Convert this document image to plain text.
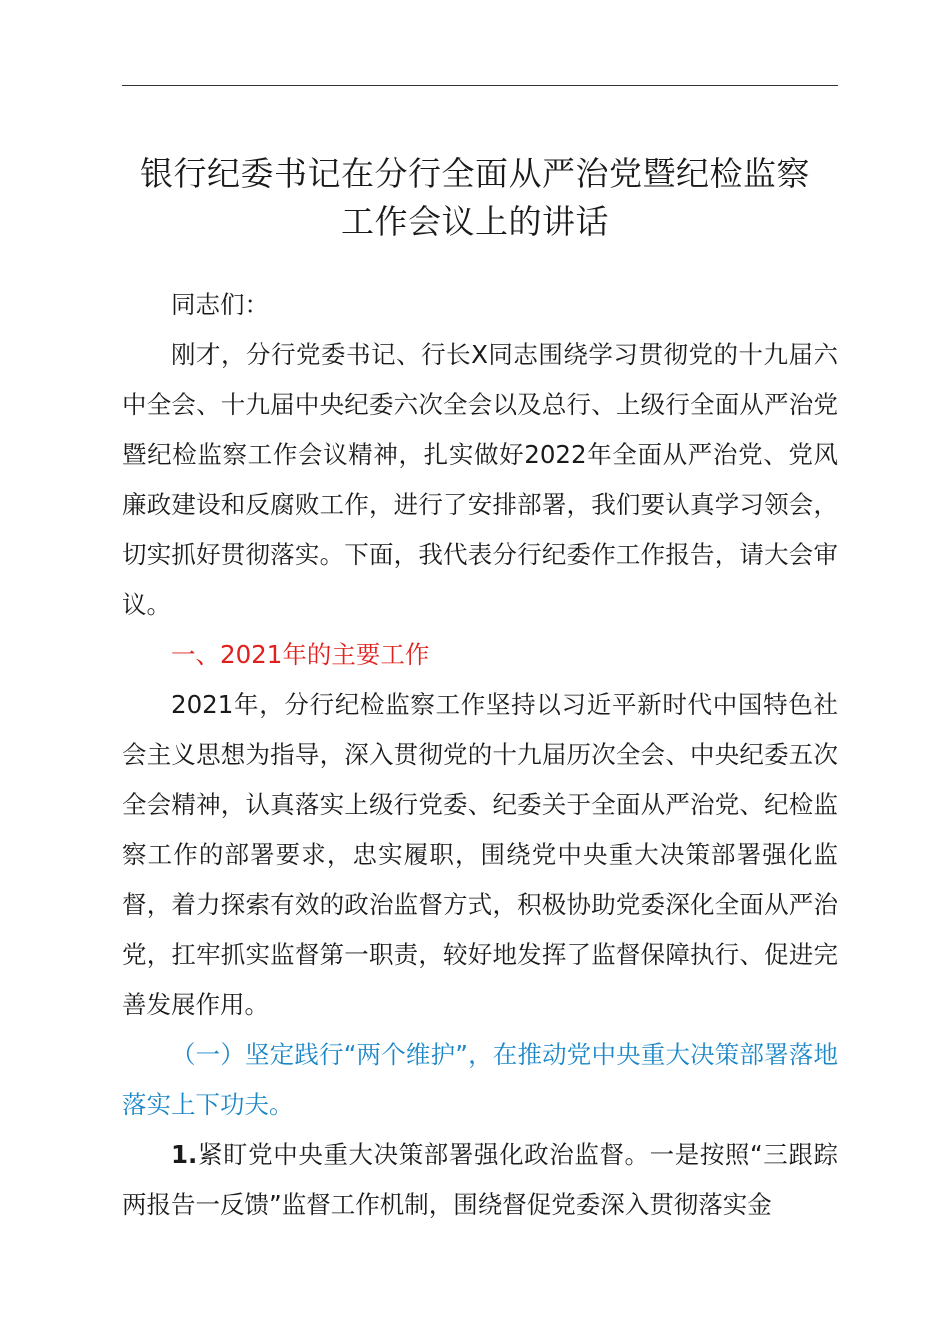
银行纪委书记在分行全面从严治党暨纪检监察
工作会议上的讲话

同志们：

刚才，分行党委书记、行长X同志围绕学习贯彻党的十九届六中全会、十九届中央纪委六次全会以及总行、上级行全面从严治党暨纪检监察工作会议精神，扎实做好2022年全面从严治党、党风廉政建设和反腐败工作，进行了安排部署，我们要认真学习领会，切实抓好贯彻落实。下面，我代表分行纪委作工作报告，请大会审议。

一、2021年的主要工作

2021年，分行纪检监察工作坚持以习近平新时代中国特色社会主义思想为指导，深入贯彻党的十九届历次全会、中央纪委五次全会精神，认真落实上级行党委、纪委关于全面从严治党、纪检监察工作的部署要求，忠实履职，围绕党中央重大决策部署强化监督，着力探索有效的政治监督方式，积极协助党委深化全面从严治党，扛牢抓实监督第一职责，较好地发挥了监督保障执行、促进完善发展作用。

（一）坚定践行“两个维护”，在推动党中央重大决策部署落地落实上下功夫。

1.紧盯党中央重大决策部署强化政治监督。一是按照“三跟踪两报告一反馈”监督工作机制，围绕督促党委深入贯彻落实金
